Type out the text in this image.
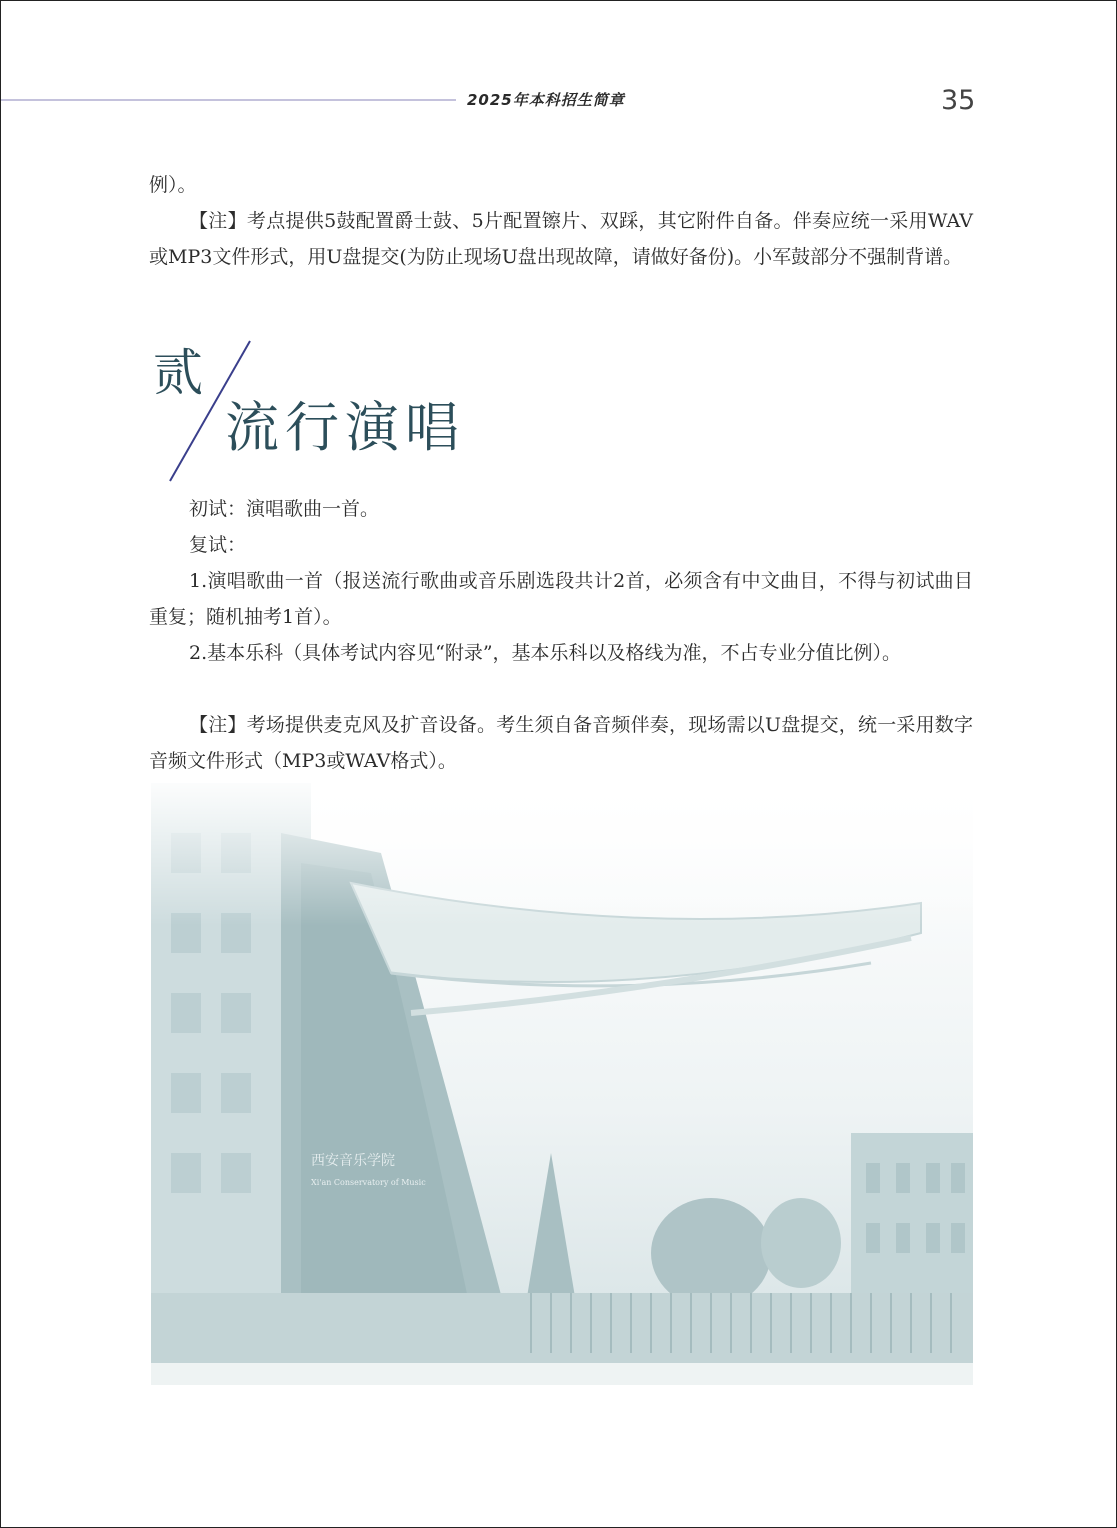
2025年本科招生简章	35

例）。

【注】考点提供5鼓配置爵士鼓、5片配置镲片、双踩，其它附件自备。伴奏应统一采用WAV或MP3文件形式，用U盘提交(为防止现场U盘出现故障，请做好备份)。小军鼓部分不强制背谱。

贰
流行演唱

初试：演唱歌曲一首。

复试：

1.演唱歌曲一首（报送流行歌曲或音乐剧选段共计2首，必须含有中文曲目，不得与初试曲目重复；随机抽考1首）。

2.基本乐科（具体考试内容见“附录”，基本乐科以及格线为准，不占专业分值比例）。

【注】考场提供麦克风及扩音设备。考生须自备音频伴奏，现场需以U盘提交，统一采用数字音频文件形式（MP3或WAV格式）。
